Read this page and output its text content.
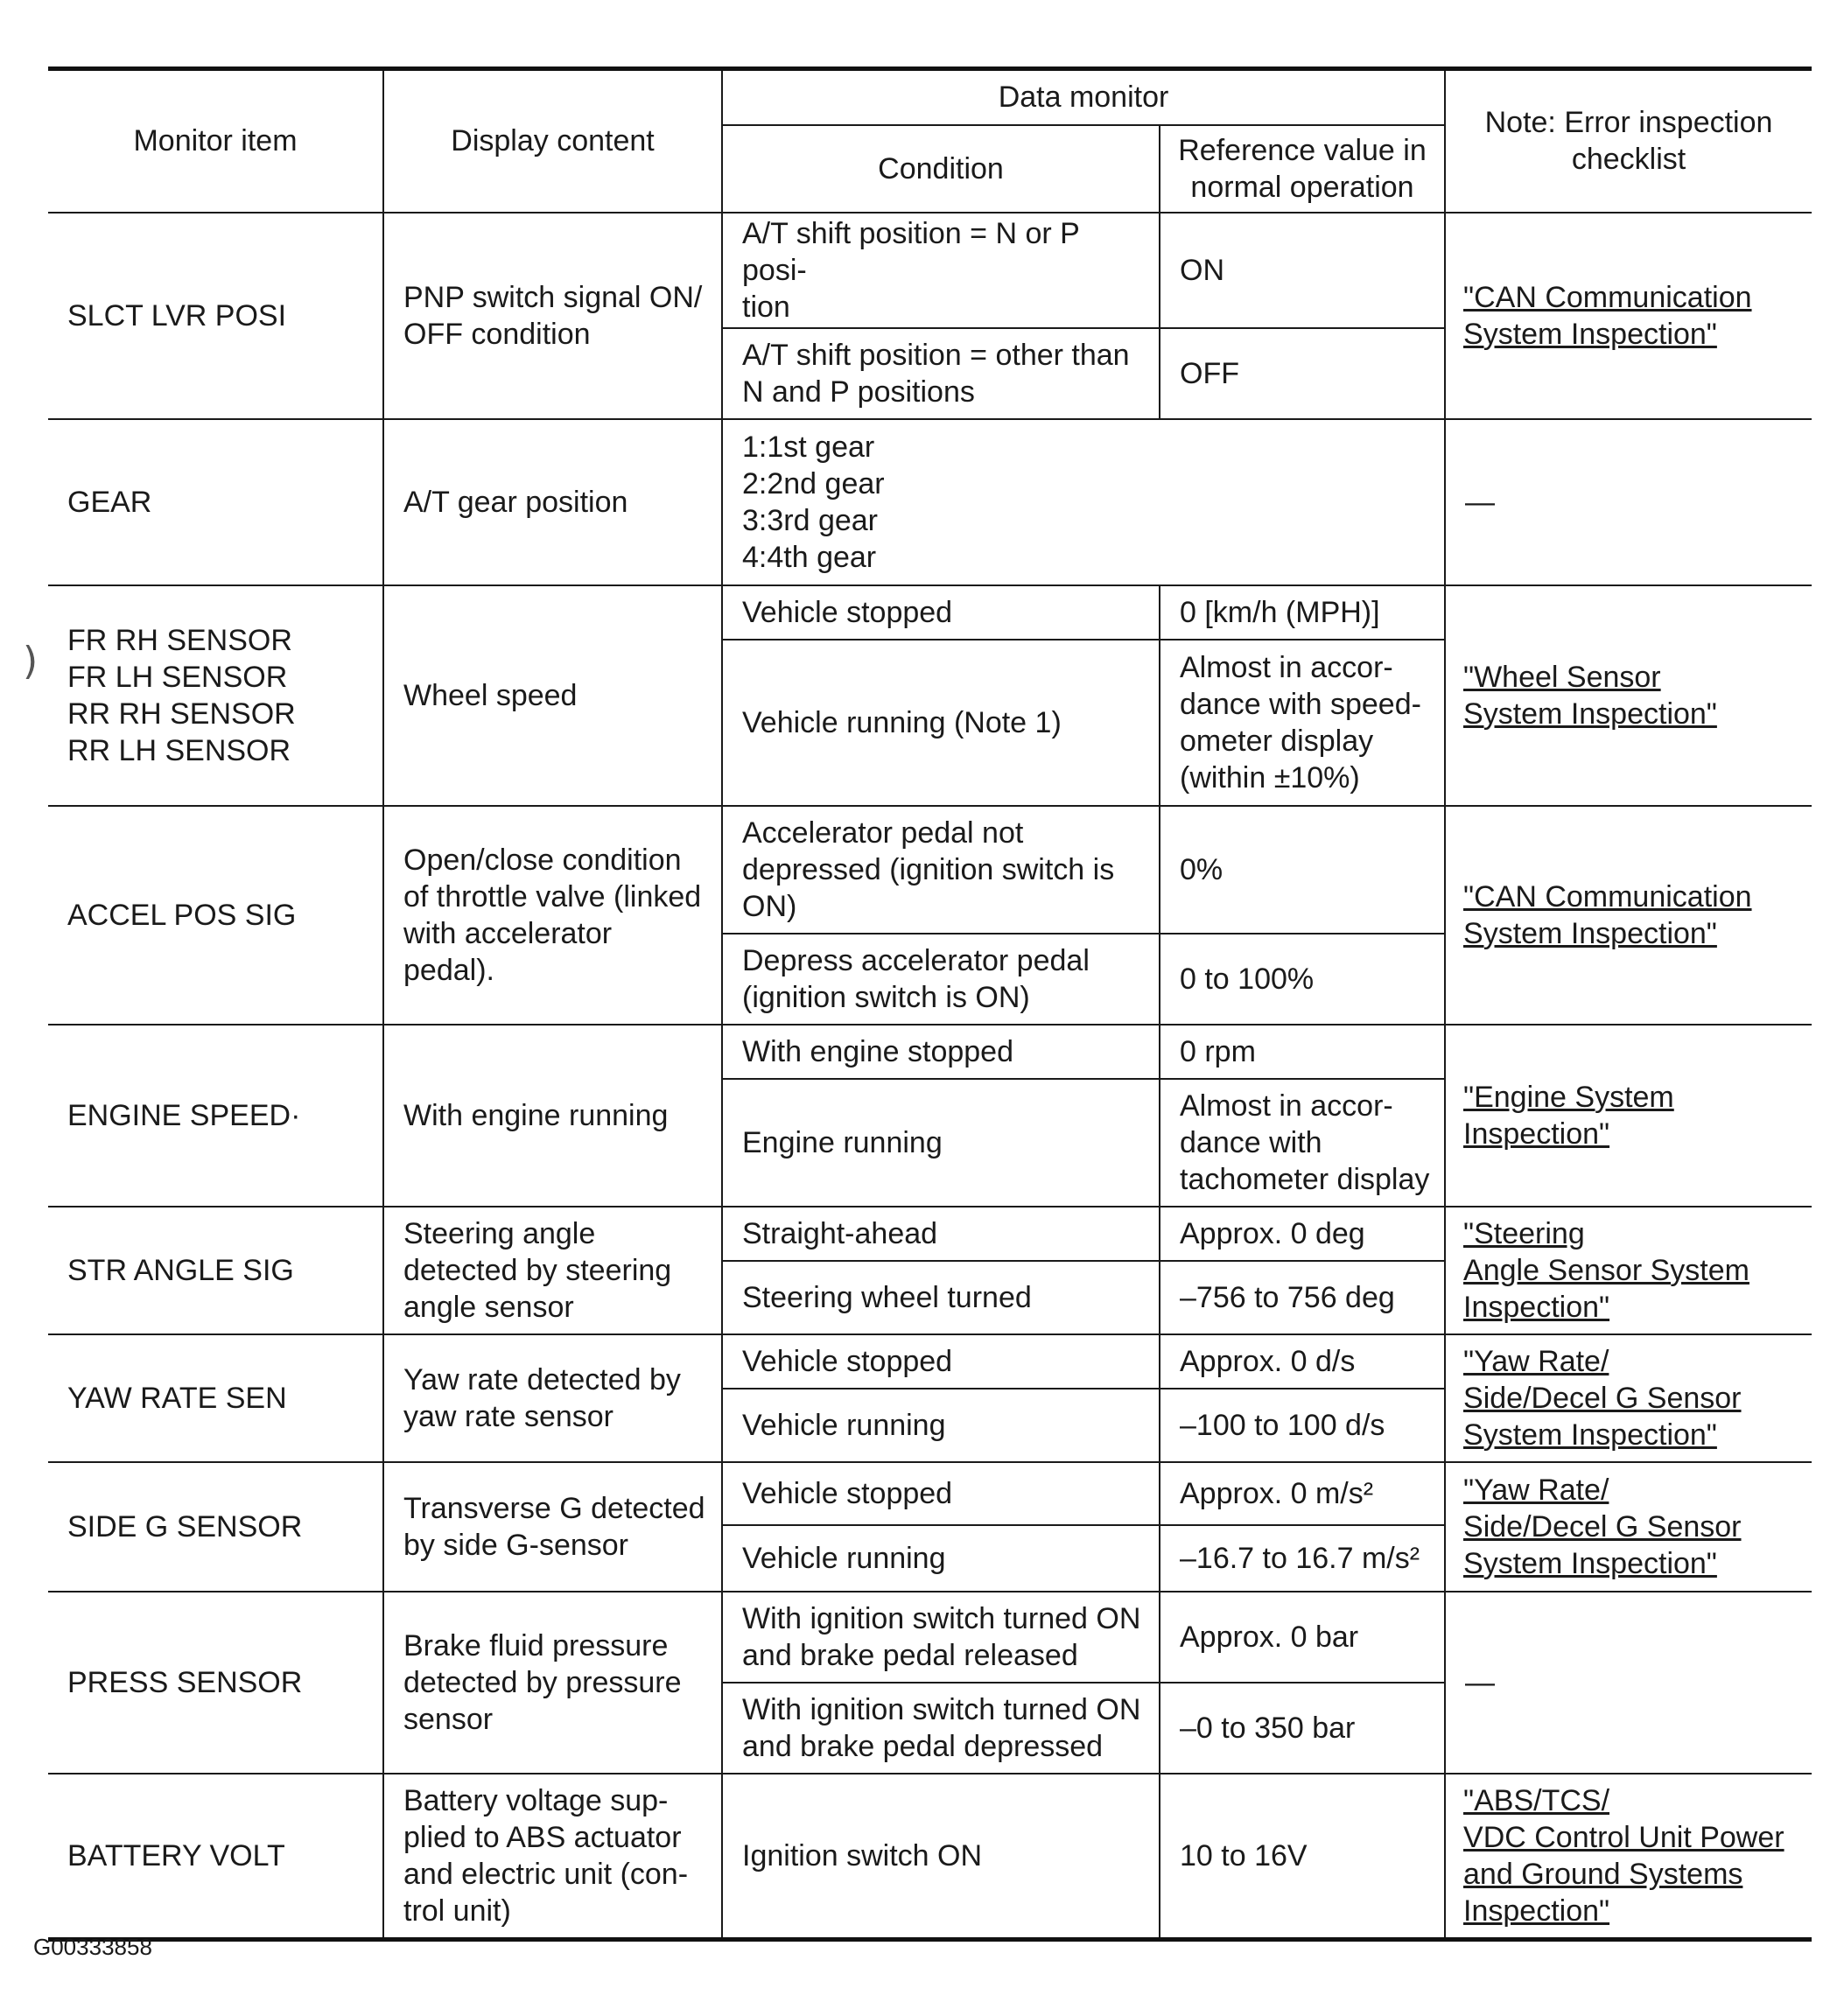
)
Monitor item	Display content	Data monitor		Note: Error inspection
checklist
		Condition	Reference value in
normal operation	
SLCT LVR POSI	PNP switch signal ON/
OFF condition	A/T shift position = N or P posi-
tion	ON	"CAN Communication
System Inspection"
		A/T shift position = other than
N and P positions	OFF	
GEAR	A/T gear position	1:1st gear
2:2nd gear
3:3rd gear
4:4th gear		—
FR RH SENSOR
FR LH SENSOR
RR RH SENSOR
RR LH SENSOR	Wheel speed	Vehicle stopped	0 [km/h (MPH)]	"Wheel Sensor
System Inspection"
		Vehicle running (Note 1)	Almost in accor-
dance with speed-
ometer display
(within ±10%)	
ACCEL POS SIG	Open/close condition
of throttle valve (linked
with accelerator pedal).	Accelerator pedal not
depressed (ignition switch is
ON)	0%	"CAN Communication
System Inspection"
		Depress accelerator pedal
(ignition switch is ON)	0 to 100%	
ENGINE SPEED·	With engine running	With engine stopped	0 rpm	"Engine System
Inspection"
		Engine running	Almost in accor-
dance with
tachometer display	
STR ANGLE SIG	Steering angle
detected by steering
angle sensor	Straight-ahead	Approx. 0 deg	"Steering
Angle Sensor System
Inspection"
		Steering wheel turned	–756 to 756 deg	
YAW RATE SEN	Yaw rate detected by
yaw rate sensor	Vehicle stopped	Approx. 0 d/s	"Yaw Rate/
Side/Decel G Sensor
System Inspection"
		Vehicle running	–100 to 100 d/s	
SIDE G SENSOR	Transverse G detected
by side G-sensor	Vehicle stopped	Approx. 0 m/s²	"Yaw Rate/
Side/Decel G Sensor
System Inspection"
		Vehicle running	–16.7 to 16.7 m/s²	
PRESS SENSOR	Brake fluid pressure
detected by pressure
sensor	With ignition switch turned ON
and brake pedal released	Approx. 0 bar	—
		With ignition switch turned ON
and brake pedal depressed	–0 to 350 bar	
BATTERY VOLT	Battery voltage sup-
plied to ABS actuator
and electric unit (con-
trol unit)	Ignition switch ON	10 to 16V	"ABS/TCS/
VDC Control Unit Power
and Ground Systems
Inspection"
G00333858
